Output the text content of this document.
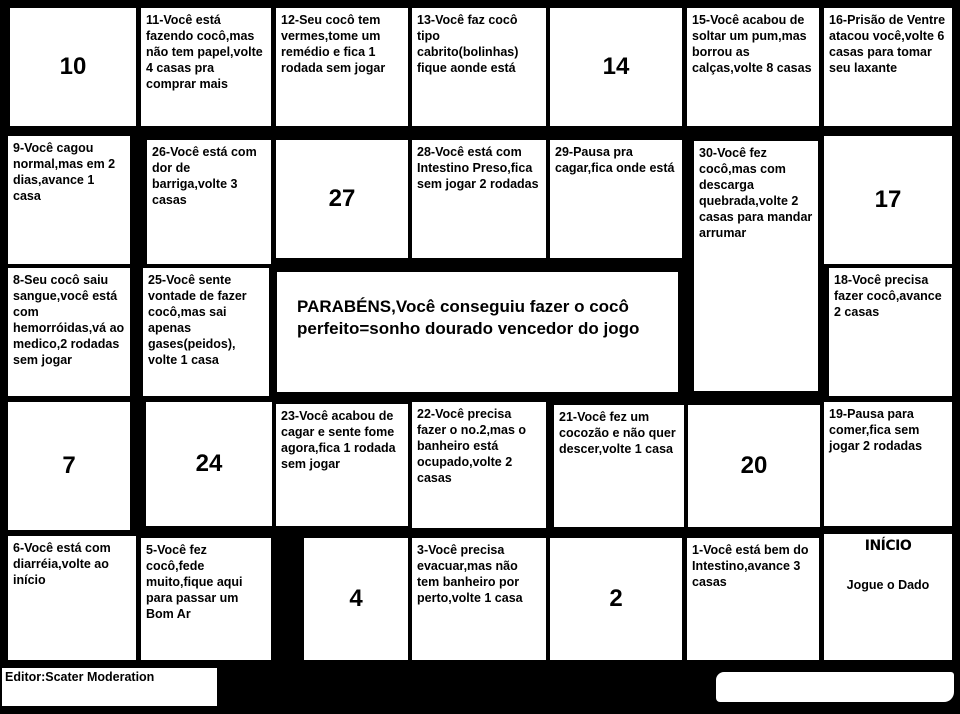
10
11-Você está fazendo cocô,mas não tem papel,volte 4 casas pra comprar mais
12-Seu cocô tem vermes,tome um remédio e fica 1 rodada sem jogar
13-Você faz cocô tipo cabrito(bolinhas) fique aonde está	14
15-Você acabou de soltar um pum,mas borrou as calças,volte 8 casas
16-Prisão de Ventre atacou você,volte 6 casas para tomar seu laxante
9-Você cagou normal,mas em 2 dias,avance 1 casa
26-Você está com dor de barriga,volte 3 casas	27
28-Você está com Intestino Preso,fica sem jogar 2 rodadas
29-Pausa pra cagar,fica onde está
30-Você fez cocô,mas com descarga quebrada,volte 2 casas para mandar arrumar
17
8-Seu cocô saiu sangue,você está com hemorróidas,vá ao medico,2 rodadas sem jogar
25-Você sente vontade de fazer cocô,mas sai apenas gases(peidos), volte 1 casa
18-Você precisa fazer cocô,avance 2 casas
PARABÉNS,Você conseguiu fazer o cocô perfeito=sonho dourado vencedor do jogo
7	24
23-Você acabou de cagar e sente fome agora,fica 1 rodada sem jogar
22-Você precisa fazer o no.2,mas o banheiro está ocupado,volte 2 casas
21-Você fez um cocozão e não quer descer,volte 1 casa
20
19-Pausa para comer,fica sem jogar 2 rodadas
6-Você está com diarréia,volte ao início
5-Você fez cocô,fede muito,fique aqui para passar um Bom Ar
4
3-Você precisa evacuar,mas não tem banheiro por perto,volte 1 casa	2
1-Você está bem do Intestino,avance 3 casas
INÍCIO
Jogue o Dado
Editor:Scater Moderation
